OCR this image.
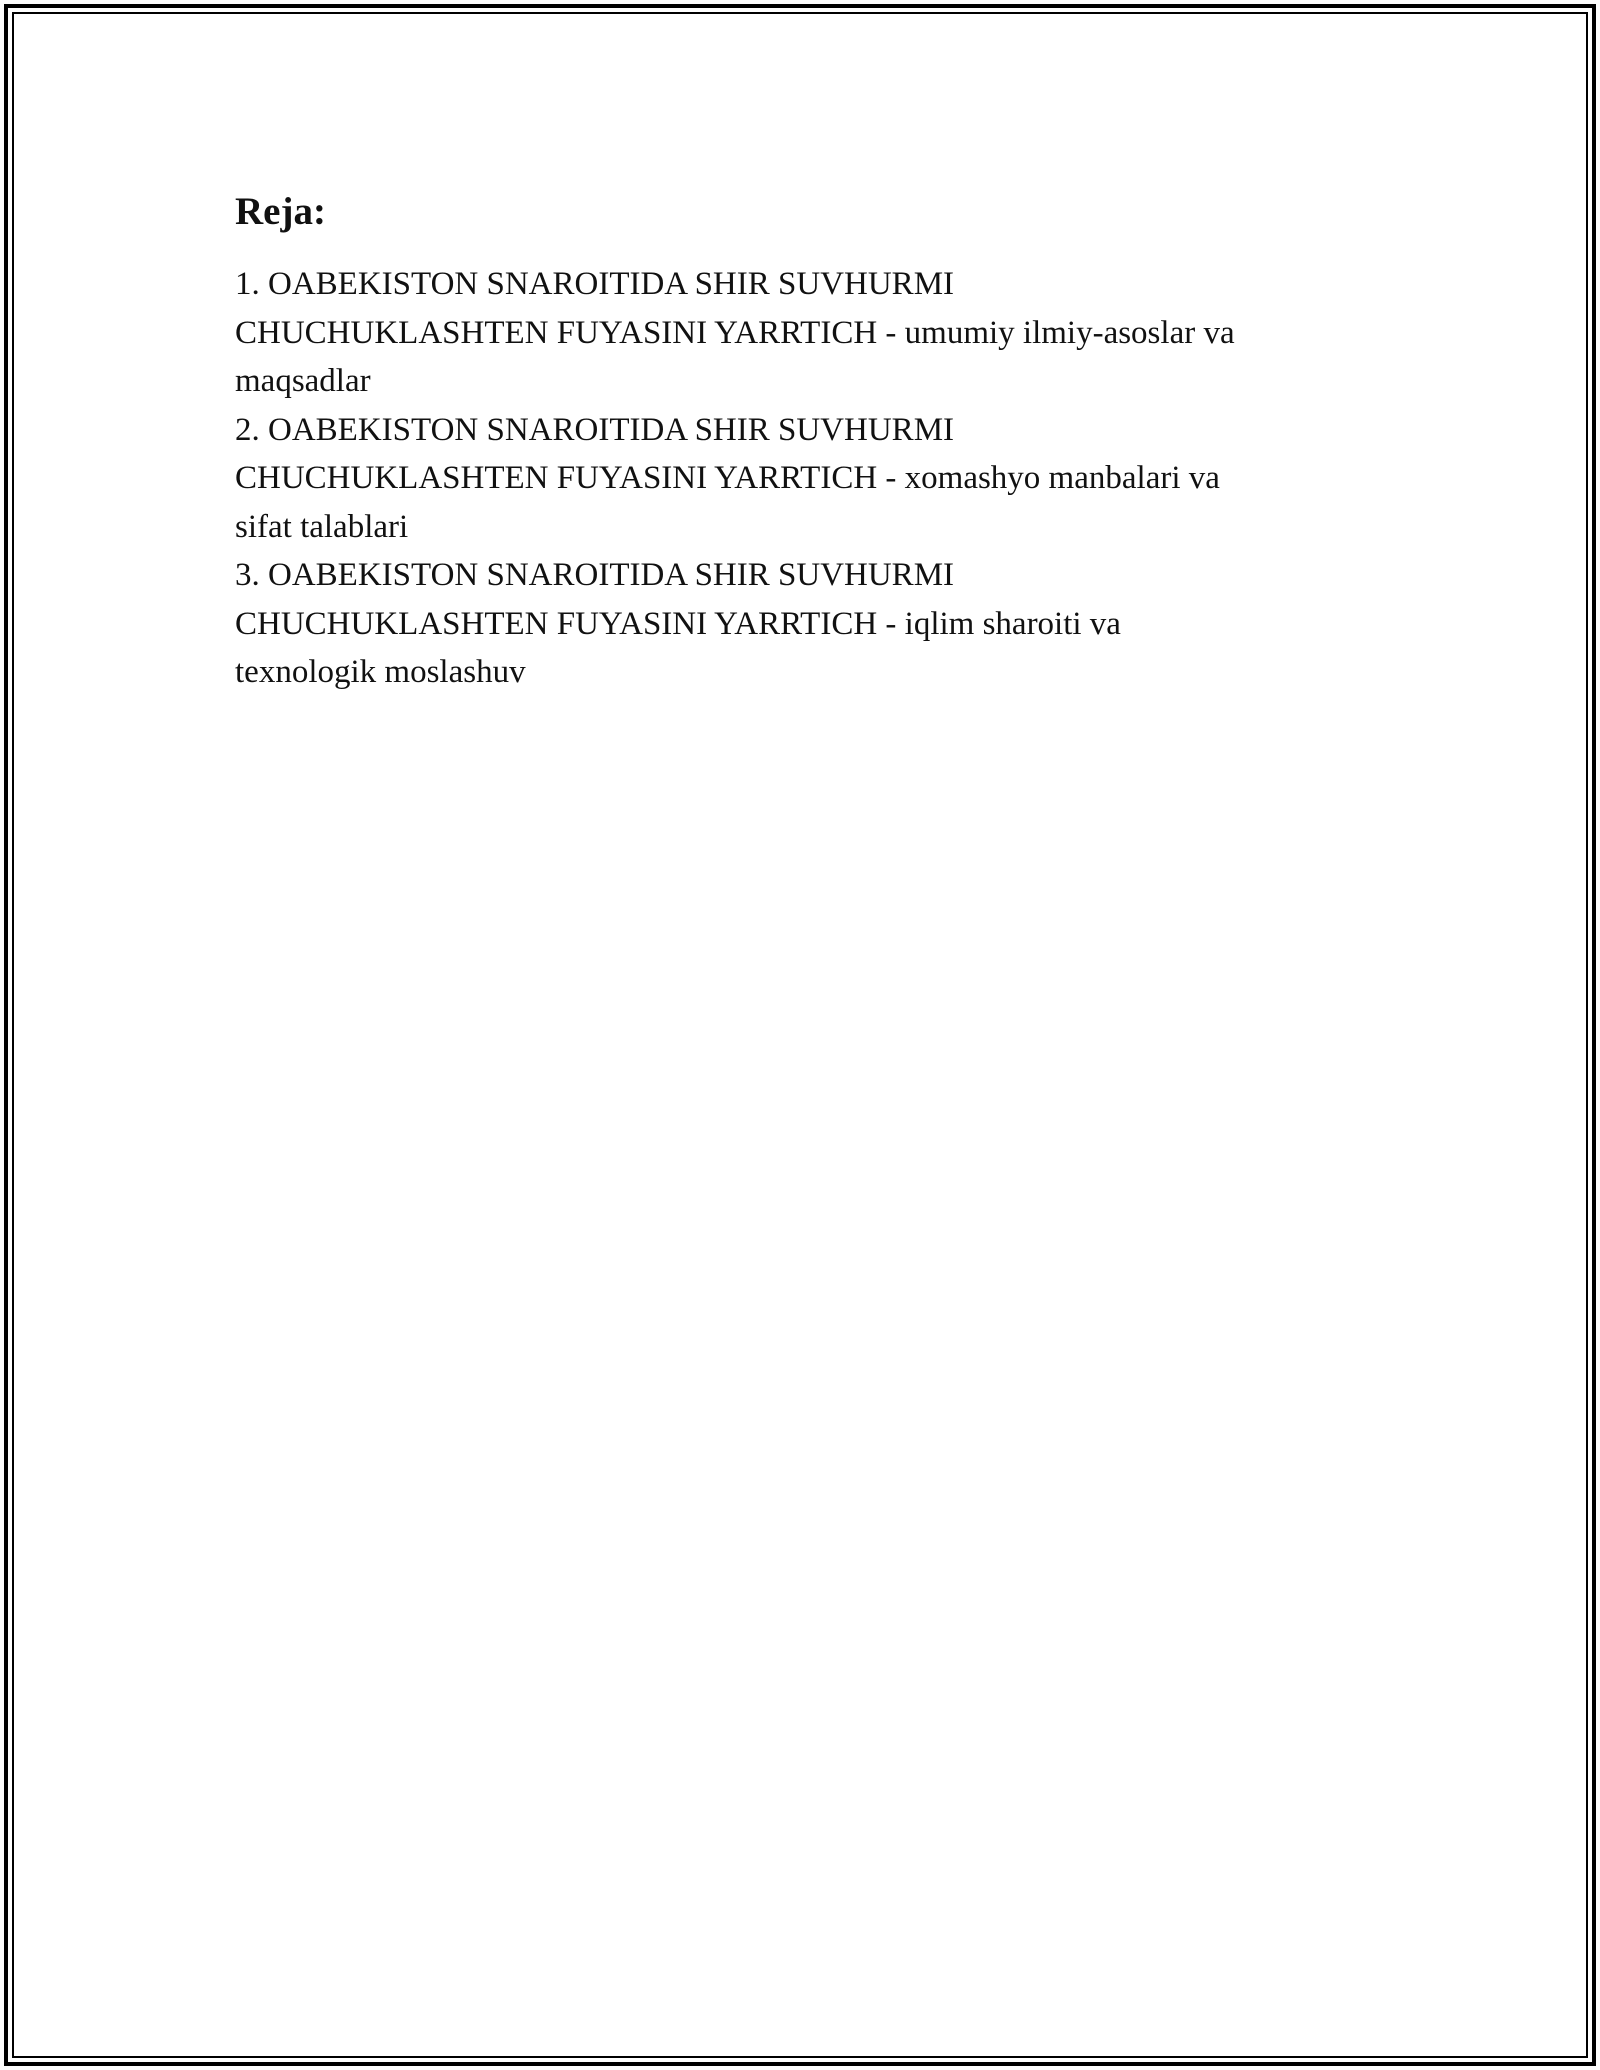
Reja:

1. OABEKISTON SNAROITIDA SHIR SUVHURMI
CHUCHUKLASHTEN FUYASINI YARRTICH - umumiy ilmiy-asoslar va
maqsadlar

2. OABEKISTON SNAROITIDA SHIR SUVHURMI
CHUCHUKLASHTEN FUYASINI YARRTICH - xomashyo manbalari va
sifat talablari

3. OABEKISTON SNAROITIDA SHIR SUVHURMI
CHUCHUKLASHTEN FUYASINI YARRTICH - iqlim sharoiti va
texnologik moslashuv
